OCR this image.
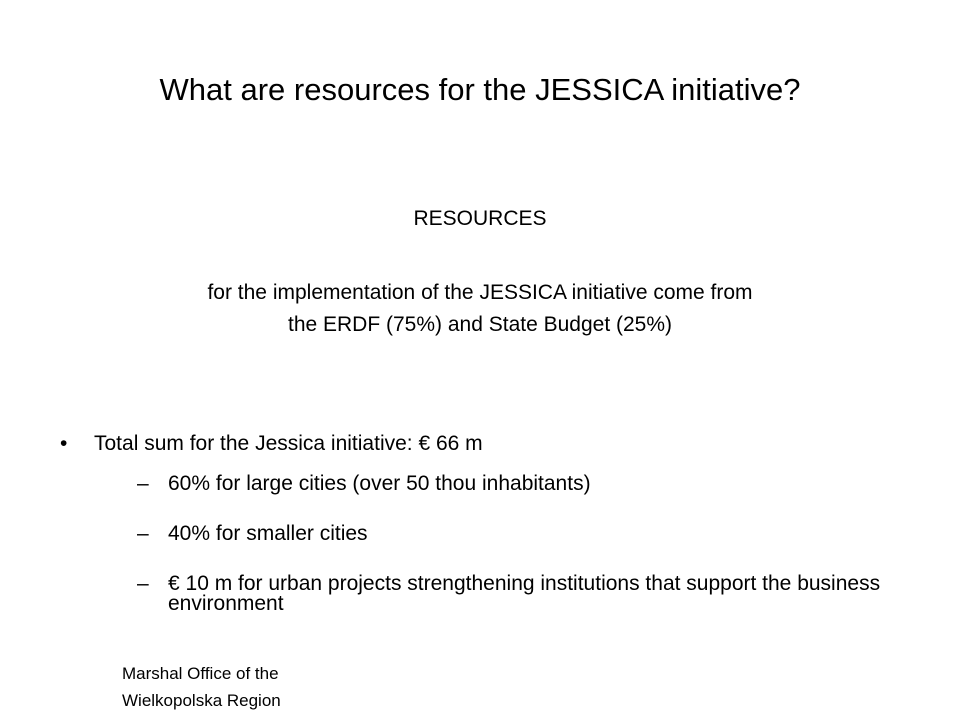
What are resources for the JESSICA initiative?
RESOURCES
for the implementation of the JESSICA initiative come from
the ERDF (75%) and State Budget (25%)
• Total sum for the Jessica initiative: € 66 m
– 60% for large cities (over 50 thou inhabitants)
– 40% for smaller cities
– € 10 m for urban projects strengthening institutions that support the business environment
Marshal Office of the
Wielkopolska Region
